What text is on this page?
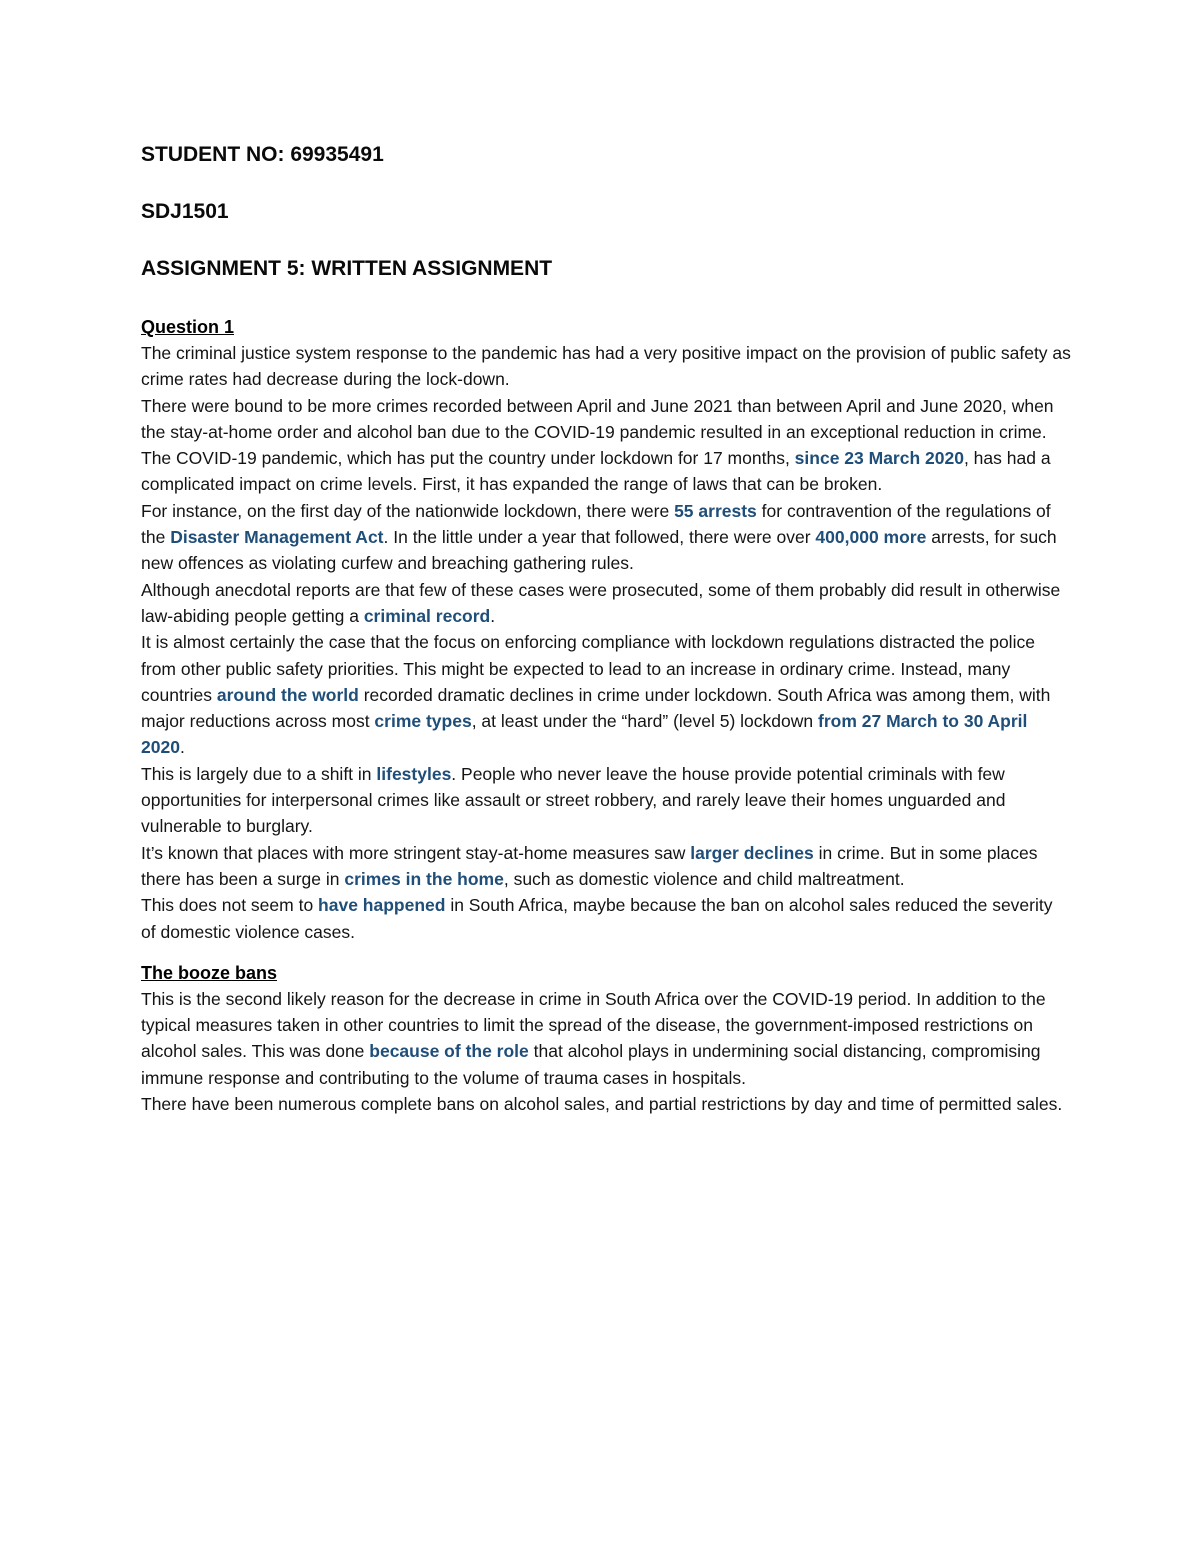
STUDENT NO: 69935491

SDJ1501

ASSIGNMENT 5: WRITTEN ASSIGNMENT

Question 1

The criminal justice system response to the pandemic has had a very positive impact on the provision of public safety as crime rates had decrease during the lock-down.

There were bound to be more crimes recorded between April and June 2021 than between April and June 2020, when the stay-at-home order and alcohol ban due to the COVID-19 pandemic resulted in an exceptional reduction in crime.

The COVID-19 pandemic, which has put the country under lockdown for 17 months, since 23 March 2020, has had a complicated impact on crime levels. First, it has expanded the range of laws that can be broken.

For instance, on the first day of the nationwide lockdown, there were 55 arrests for contravention of the regulations of the Disaster Management Act. In the little under a year that followed, there were over 400,000 more arrests, for such new offences as violating curfew and breaching gathering rules.

Although anecdotal reports are that few of these cases were prosecuted, some of them probably did result in otherwise law-abiding people getting a criminal record.

It is almost certainly the case that the focus on enforcing compliance with lockdown regulations distracted the police from other public safety priorities. This might be expected to lead to an increase in ordinary crime. Instead, many countries around the world recorded dramatic declines in crime under lockdown. South Africa was among them, with major reductions across most crime types, at least under the “hard” (level 5) lockdown from 27 March to 30 April 2020.

This is largely due to a shift in lifestyles. People who never leave the house provide potential criminals with few opportunities for interpersonal crimes like assault or street robbery, and rarely leave their homes unguarded and vulnerable to burglary.

It’s known that places with more stringent stay-at-home measures saw larger declines in crime. But in some places there has been a surge in crimes in the home, such as domestic violence and child maltreatment.

This does not seem to have happened in South Africa, maybe because the ban on alcohol sales reduced the severity of domestic violence cases.

The booze bans

This is the second likely reason for the decrease in crime in South Africa over the COVID-19 period. In addition to the typical measures taken in other countries to limit the spread of the disease, the government-imposed restrictions on alcohol sales. This was done because of the role that alcohol plays in undermining social distancing, compromising immune response and contributing to the volume of trauma cases in hospitals.

There have been numerous complete bans on alcohol sales, and partial restrictions by day and time of permitted sales.
